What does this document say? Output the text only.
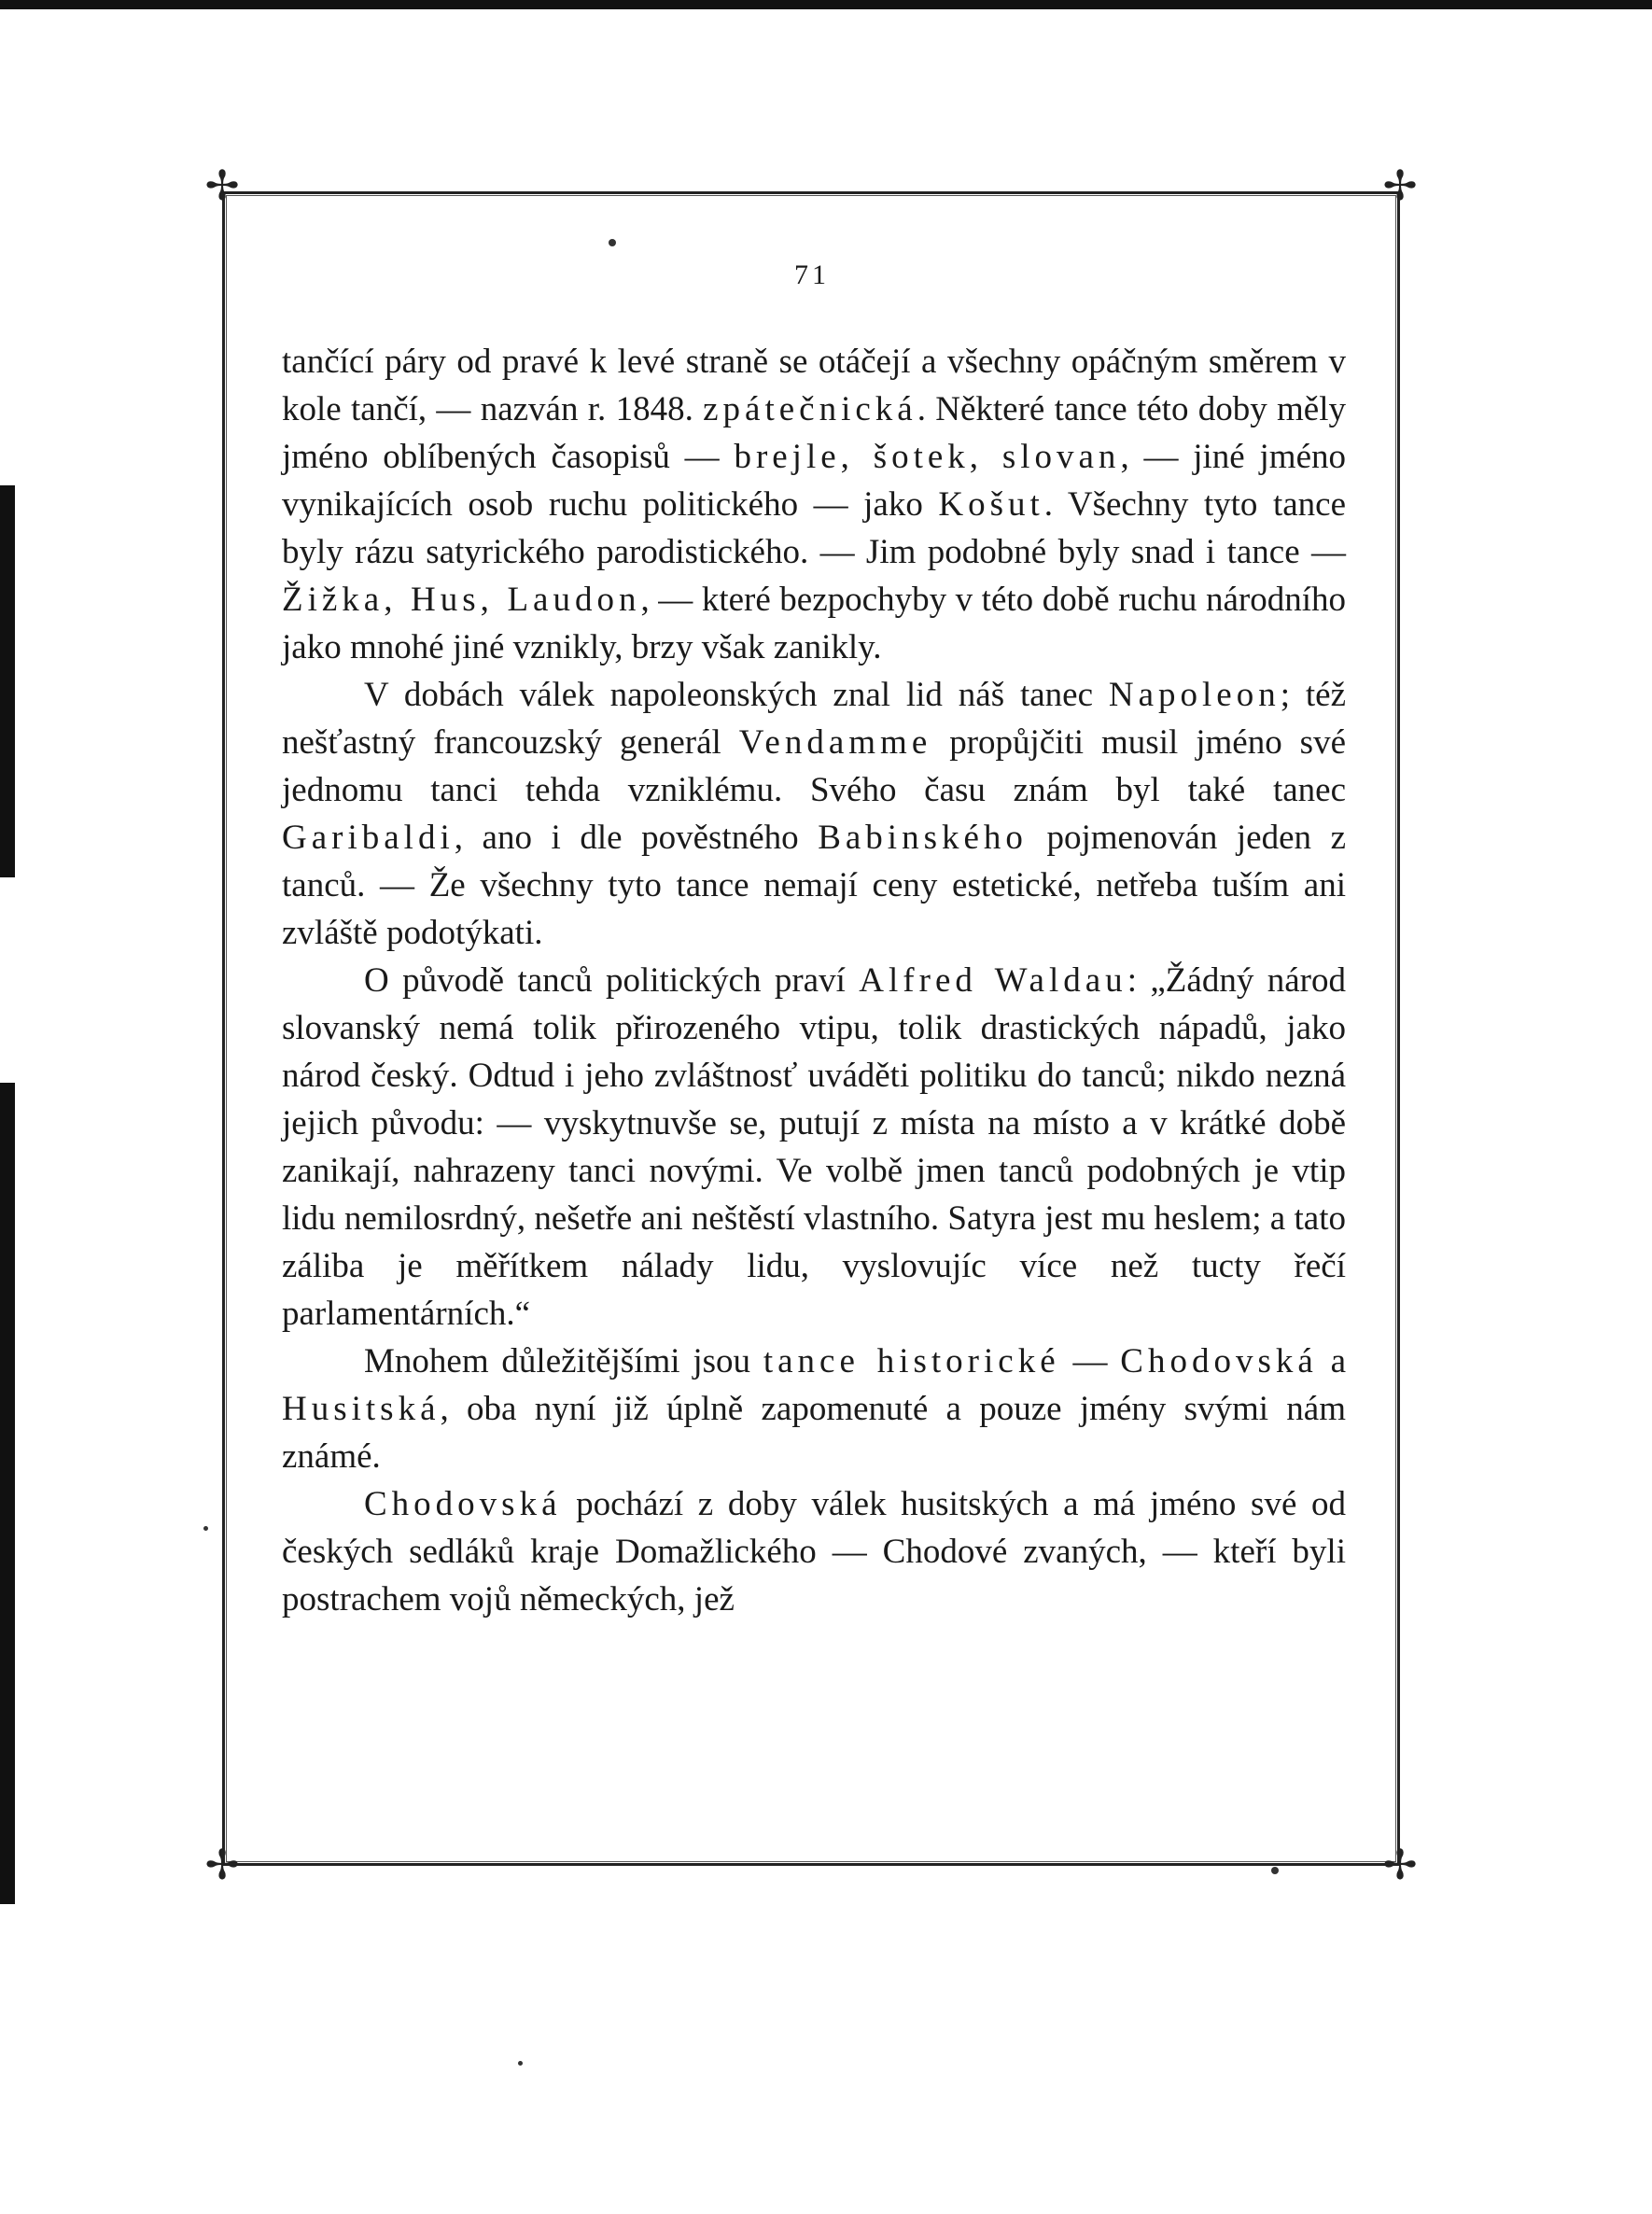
✢	✢
✢	✢
71

tančící páry od pravé k levé straně se otáčejí a všechny opáčným směrem v kole tančí, — nazván r. 1848. zpátečnická. Některé tance této doby měly jméno oblíbených časopisů — brejle, šotek, slovan, — jiné jméno vynikajících osob ruchu politického — jako Košut. Všechny tyto tance byly rázu satyrického parodistického. — Jim podobné byly snad i tance — Žižka, Hus, Laudon, — které bezpochyby v této době ruchu národního jako mnohé jiné vznikly, brzy však zanikly.

V dobách válek napoleonských znal lid náš tanec Napoleon; též nešťastný francouzský generál Vendamme propůjčiti musil jméno své jednomu tanci tehda vzniklému. Svého času znám byl také tanec Garibaldi, ano i dle pověstného Babinského pojmenován jeden z tanců. — Že všechny tyto tance nemají ceny estetické, netřeba tuším ani zvláště podotýkati.

O původě tanců politických praví Alfred Waldau: „Žádný národ slovanský nemá tolik přirozeného vtipu, tolik drastických nápadů, jako národ český. Odtud i jeho zvláštnosť uváděti politiku do tanců; nikdo nezná jejich původu: — vyskytnuvše se, putují z místa na místo a v krátké době zanikají, nahrazeny tanci novými. Ve volbě jmen tanců podobných je vtip lidu nemilosrdný, nešetře ani neštěstí vlastního. Satyra jest mu heslem; a tato záliba je měřítkem nálady lidu, vyslovujíc více než tucty řečí parlamentárních.“

Mnohem důležitějšími jsou tance historické — Chodovská a Husitská, oba nyní již úplně zapomenuté a pouze jmény svými nám známé.

Chodovská pochází z doby válek husitských a má jméno své od českých sedláků kraje Domažlického — Chodové zvaných, — kteří byli postrachem vojů německých, jež
